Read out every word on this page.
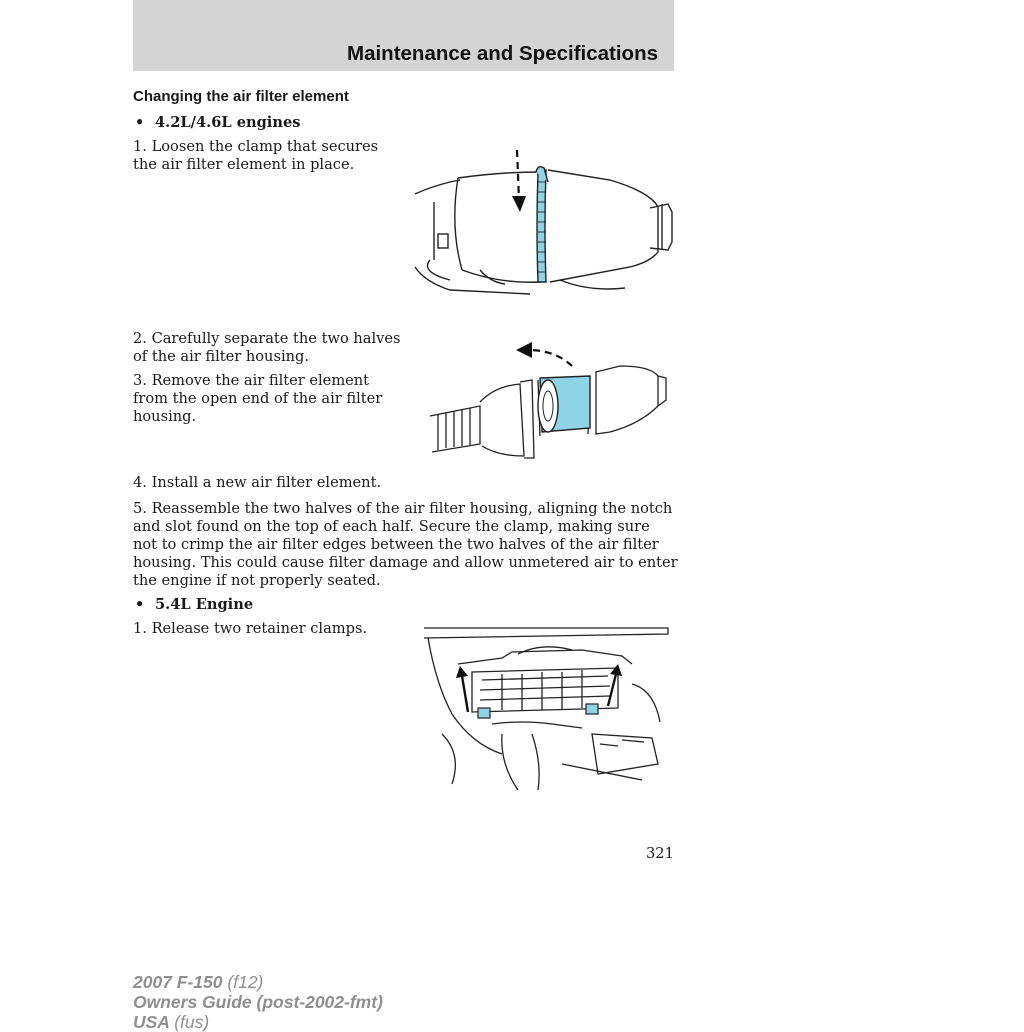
Maintenance and Specifications
Changing the air filter element
• 4.2L/4.6L engines
1. Loosen the clamp that secures
the air filter element in place.
2. Carefully separate the two halves
of the air filter housing.
3. Remove the air filter element
from the open end of the air filter
housing.
4. Install a new air filter element.
5. Reassemble the two halves of the air filter housing, aligning the notch
and slot found on the top of each half. Secure the clamp, making sure
not to crimp the air filter edges between the two halves of the air filter
housing. This could cause filter damage and allow unmetered air to enter
the engine if not properly seated.
• 5.4L Engine
1. Release two retainer clamps.
321
2007 F-150 (f12)
Owners Guide (post-2002-fmt)
USA (fus)
